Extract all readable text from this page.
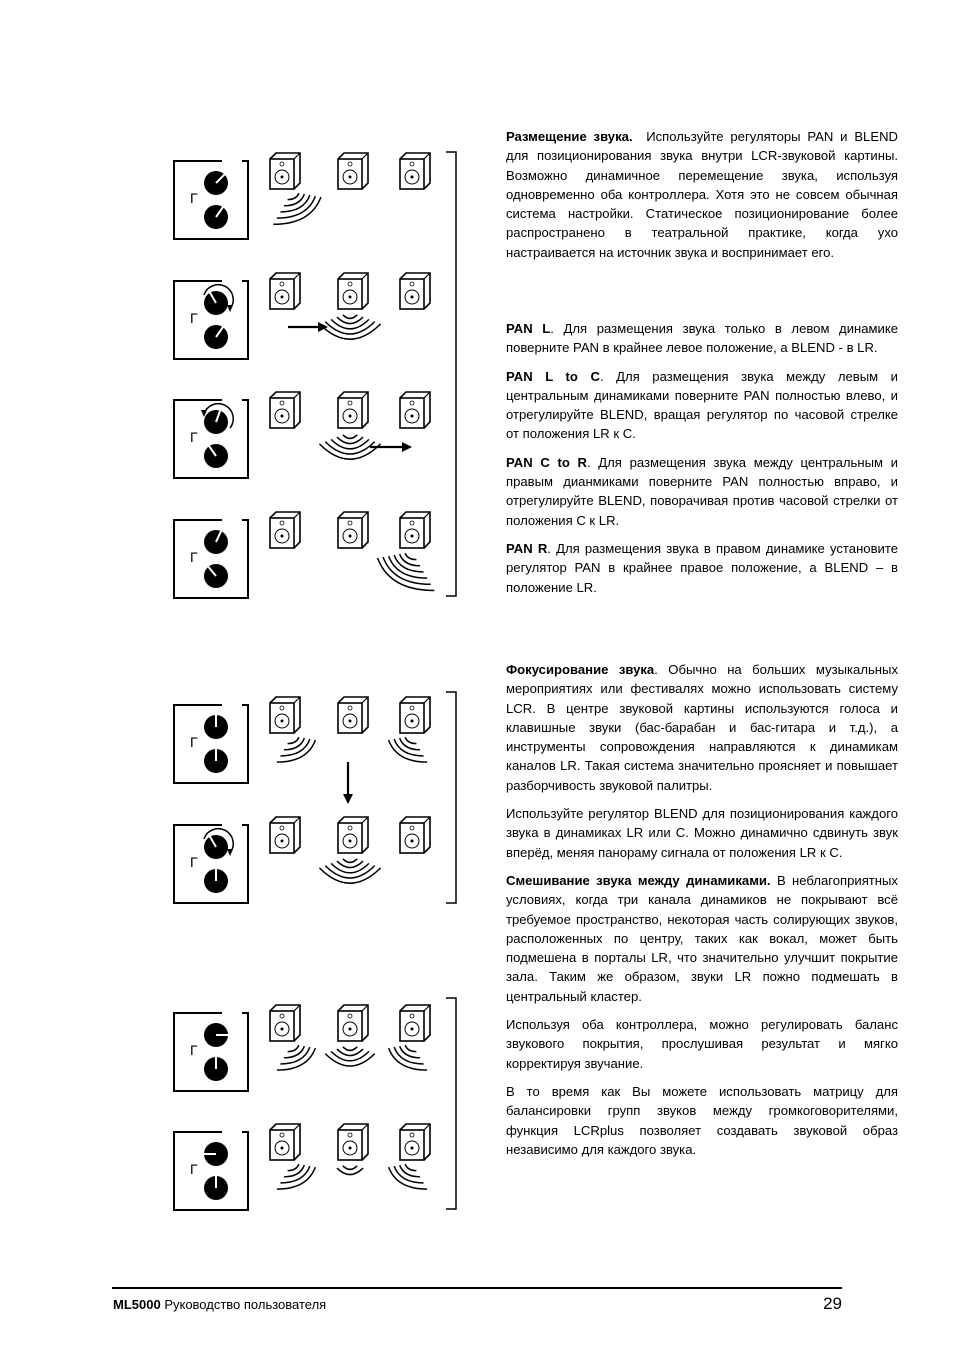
Г
Г
Г
Г
Г
Г
Г
Г

Размещение звука. Используйте регуляторы PAN и BLEND для позиционирования звука внутри LCR-звуковой картины. Возможно динамичное перемещение звука, используя одновременно оба контроллера. Хотя это не совсем обычная система настройки. Статическое позиционирование более распространено в театральной практике, когда ухо настраивается на источник звука и воспринимает его.

PAN L. Для размещения звука только в левом динамике поверните PAN в крайнее левое положение, а BLEND - в LR.

PAN L to C. Для размещения звука между левым и центральным динамиками поверните PAN полностью влево, и отрегулируйте BLEND, вращая регулятор по часовой стрелке от положения LR к С.

PAN C to R. Для размещения звука между центральным и правым дианмиками поверните PAN полностью вправо, и отрегулируйте BLEND, поворачивая против часовой стрелки от положения С к LR.

PAN R. Для размещения звука в правом динамике установите регулятор PAN в крайнее правое положение, а BLEND – в положение LR.

Фокусирование звука. Обычно на больших музыкальных мероприятиях или фестивалях можно использовать систему LCR. В центре звуковой картины используются голоса и клавишные звуки (бас-барабан и бас-гитара и т.д.), а инструменты сопровождения направляются к динамикам каналов LR. Такая система значительно проясняет и повышает разборчивость звуковой палитры.

Используйте регулятор BLEND для позиционирования каждого звука в динамиках LR или С. Можно динамично сдвинуть звук вперёд, меняя панораму сигнала от положения LR к С.

Смешивание звука между динамиками. В неблагоприятных условиях, когда три канала динамиков не покрывают всё требуемое пространство, некоторая часть солирующих звуков, расположенных по центру, таких как вокал, может быть подмешена в порталы LR, что значительно улучшит покрытие зала. Таким же образом, звуки LR пожно подмешать в центральный кластер.

Используя оба контроллера, можно регулировать баланс звукового покрытия, прослушивая результат и мягко корректируя звучание.

В то время как Вы можете использовать матрицу для балансировки групп звуков между громкоговорителями, функция LCRplus позволяет создавать звуковой образ независимо для каждого звука.

ML5000 Руководство пользователя	29
